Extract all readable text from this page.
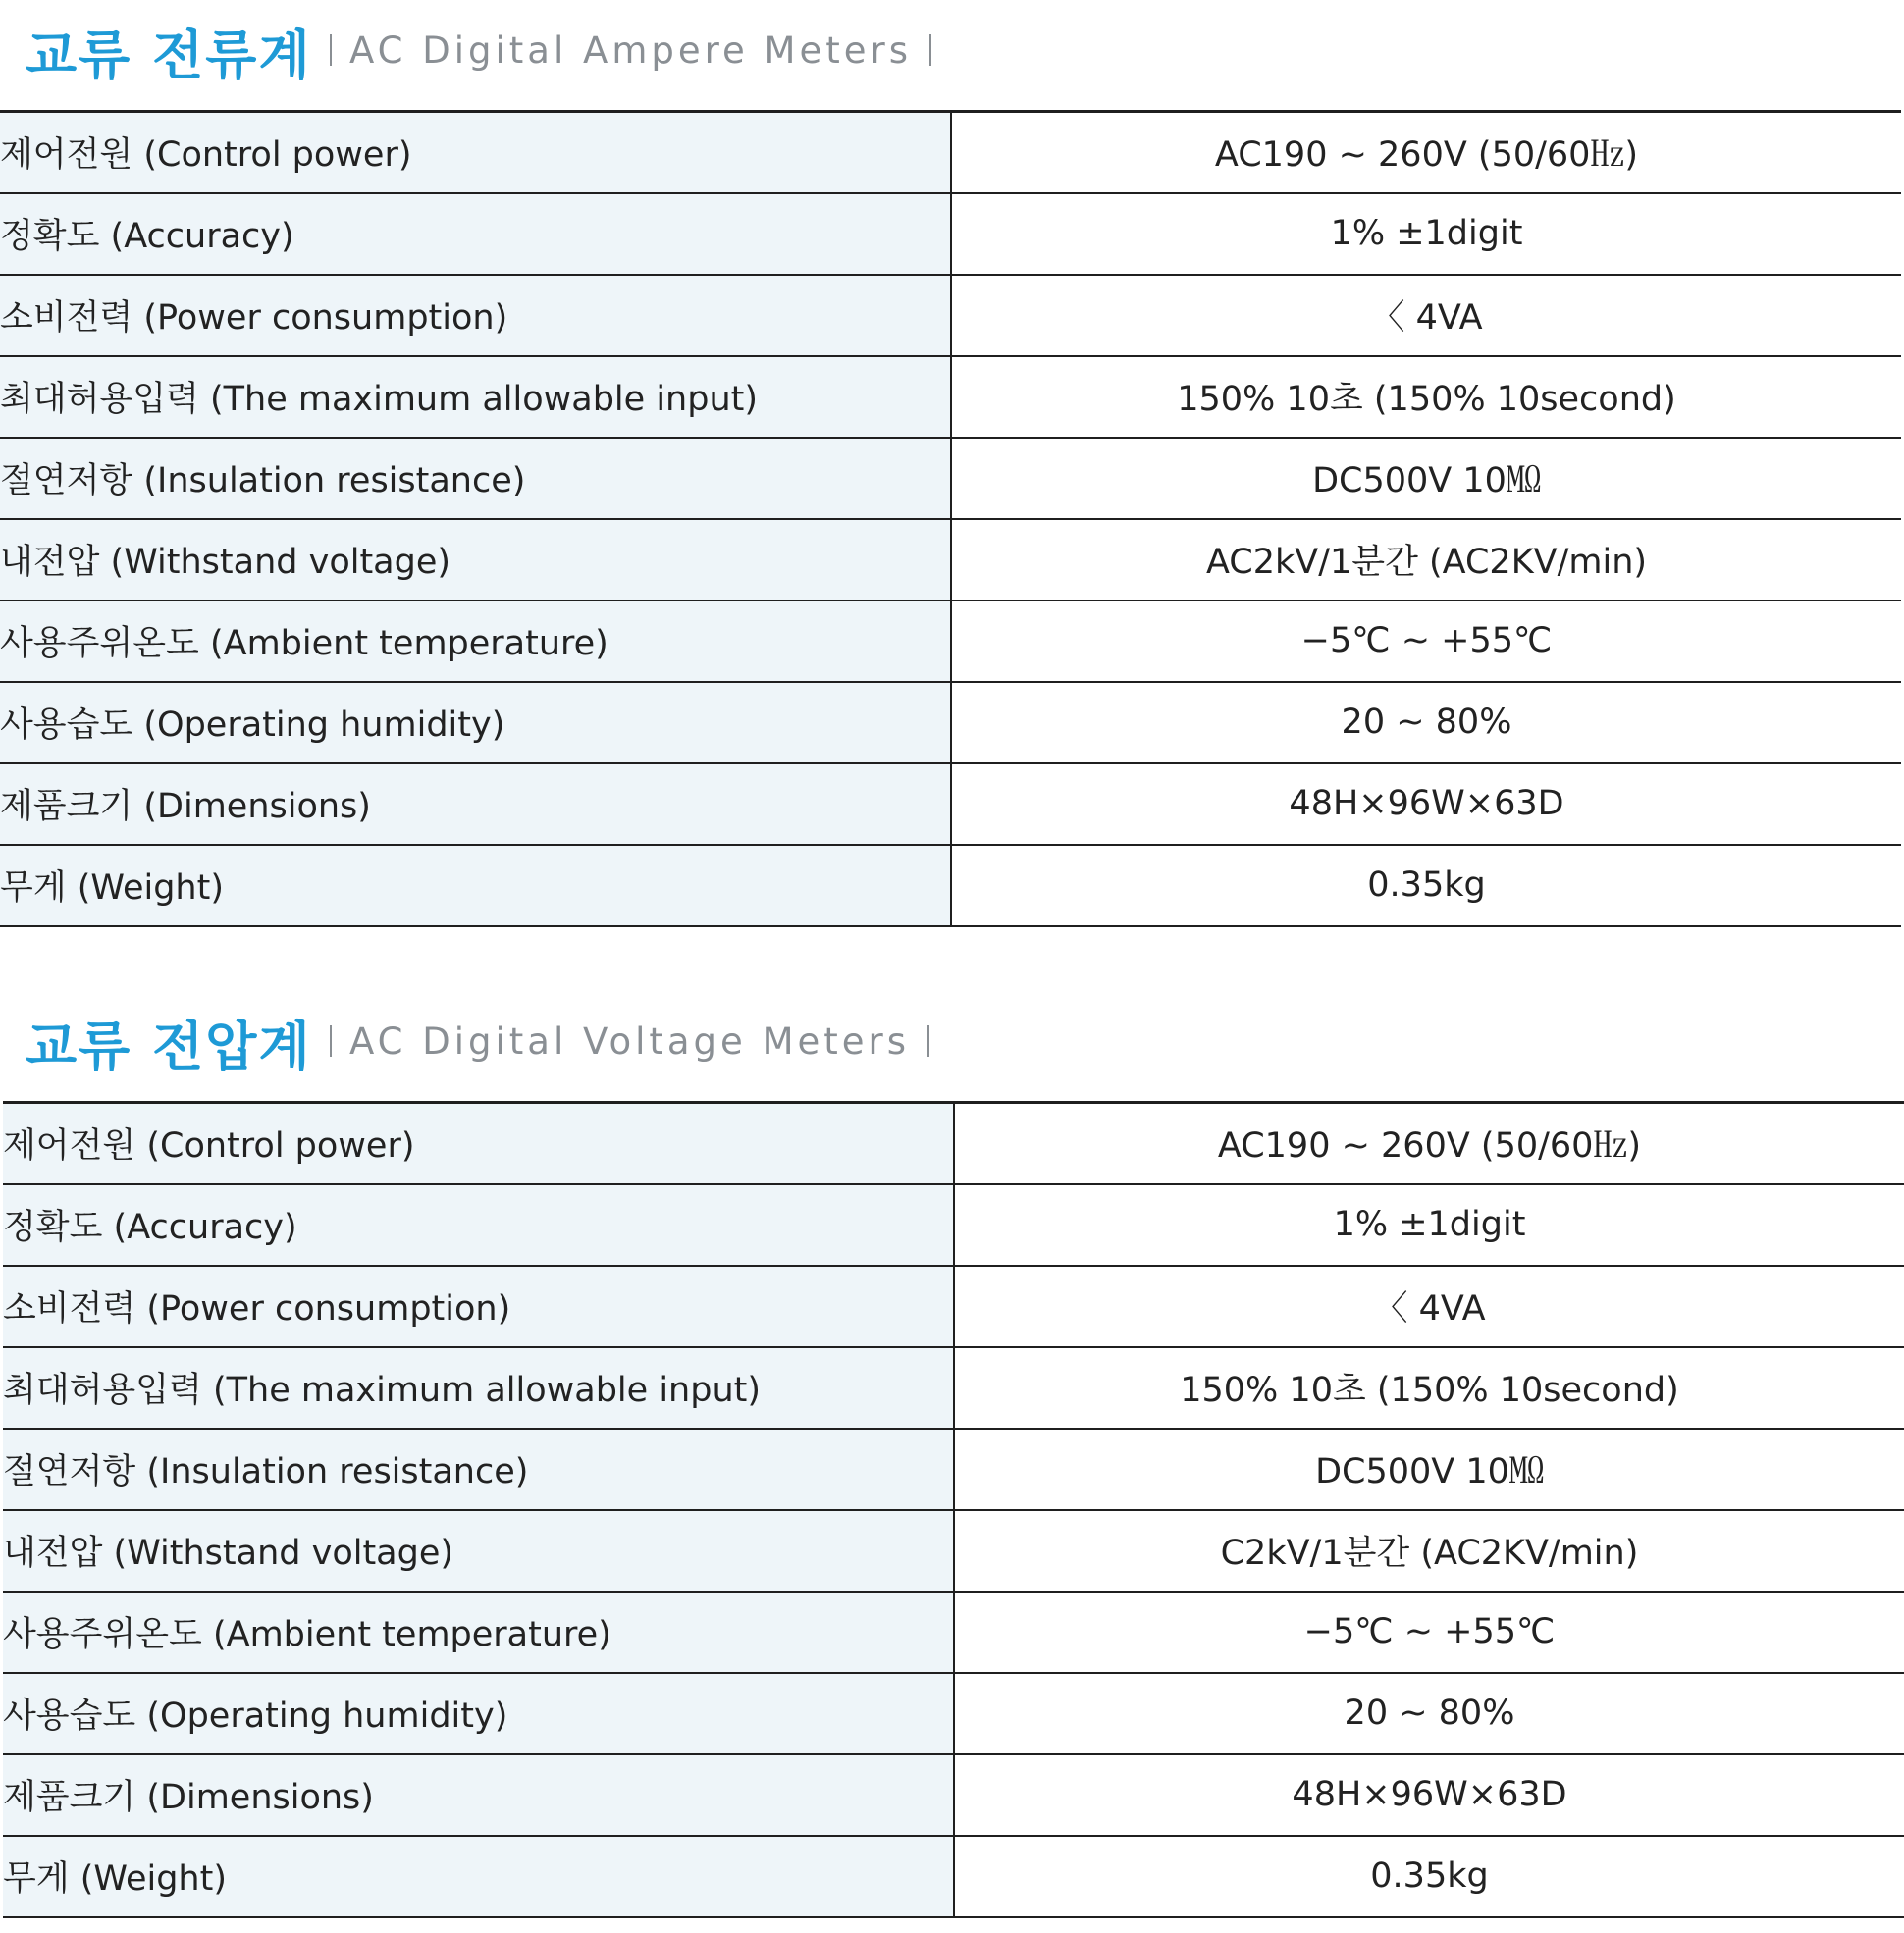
교류 전류계	AC Digital Ampere Meters
제어전원 (Control power)	AC190 ~ 260V (50/60㎐)
정확도 (Accuracy)	1% ±1digit
소비전력 (Power consumption)	〈 4VA
최대허용입력 (The maximum allowable input)	150% 10초 (150% 10second)
절연저항 (Insulation resistance)	DC500V 10㏁
내전압 (Withstand voltage)	AC2kV/1분간 (AC2KV/min)
사용주위온도 (Ambient temperature)	−5℃ ~ +55℃
사용습도 (Operating humidity)	20 ~ 80%
제품크기 (Dimensions)	48H×96W×63D
무게 (Weight)	0.35kg
교류 전압계	AC Digital Voltage Meters
제어전원 (Control power)	AC190 ~ 260V (50/60㎐)
정확도 (Accuracy)	1% ±1digit
소비전력 (Power consumption)	〈 4VA
최대허용입력 (The maximum allowable input)	150% 10초 (150% 10second)
절연저항 (Insulation resistance)	DC500V 10㏁
내전압 (Withstand voltage)	C2kV/1분간 (AC2KV/min)
사용주위온도 (Ambient temperature)	−5℃ ~ +55℃
사용습도 (Operating humidity)	20 ~ 80%
제품크기 (Dimensions)	48H×96W×63D
무게 (Weight)	0.35kg
